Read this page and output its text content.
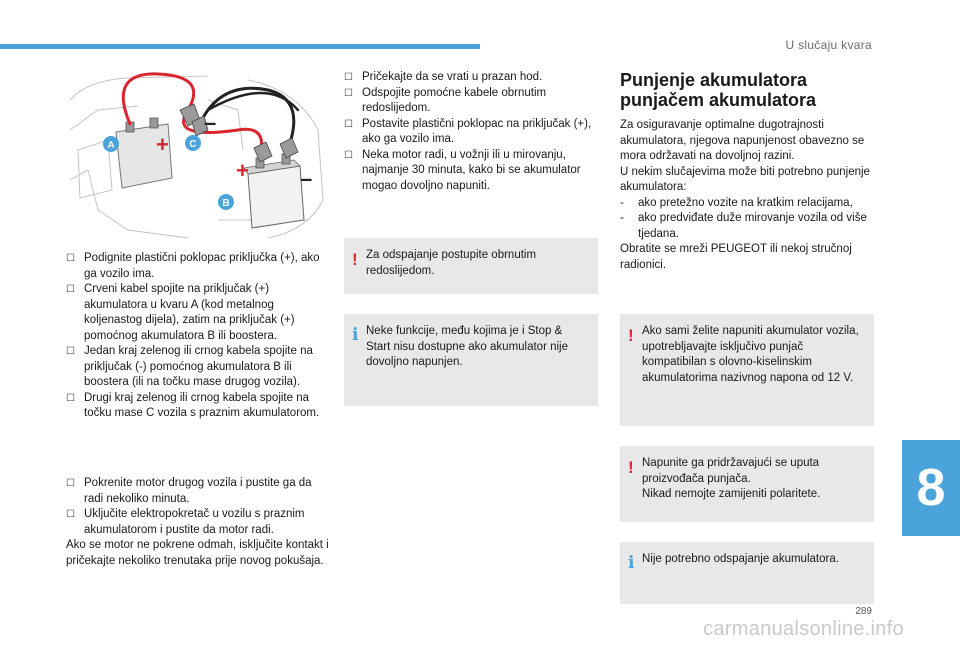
U slučaju kvara
+
+
–
–
A	C
B
☐ Podignite plastični poklopac priključka (+), ako ga vozilo ima.
☐ Crveni kabel spojite na priključak (+) akumulatora u kvaru A (kod metalnog koljenastog dijela), zatim na priključak (+) pomoćnog akumulatora B ili boostera.
☐ Jedan kraj zelenog ili crnog kabela spojite na priključak (-) pomoćnog akumulatora B ili boostera (ili na točku mase drugog vozila).
☐ Drugi kraj zelenog ili crnog kabela spojite na točku mase C vozila s praznim akumulatorom.
☐ Pokrenite motor drugog vozila i pustite ga da radi nekoliko minuta.
☐ Uključite elektropokretač u vozilu s praznim akumulatorom i pustite da motor radi.
Ako se motor ne pokrene odmah, isključite kontakt i pričekajte nekoliko trenutaka prije novog pokušaja.
☐ Pričekajte da se vrati u prazan hod.
☐ Odspojite pomoćne kabele obrnutim redoslijedom.
☐ Postavite plastični poklopac na priključak (+), ako ga vozilo ima.
☐ Neka motor radi, u vožnji ili u mirovanju, najmanje 30 minuta, kako bi se akumulator mogao dovoljno napuniti.
! Za odspajanje postupite obrnutim redoslijedom.
i Neke funkcije, među kojima je i Stop & Start nisu dostupne ako akumulator nije dovoljno napunjen.
Punjenje akumulatora punjačem akumulatora
Za osiguravanje optimalne dugotrajnosti akumulatora, njegova napunjenost obavezno se mora održavati na dovoljnoj razini.
U nekim slučajevima može biti potrebno punjenje akumulatora:
- ako pretežno vozite na kratkim relacijama,
- ako predviđate duže mirovanje vozila od više tjedana.
Obratite se mreži PEUGEOT ili nekoj stručnoj radionici.
! Ako sami želite napuniti akumulator vozila, upotrebljavajte isključivo punjač kompatibilan s olovno-kiselinskim akumulatorima nazivnog napona od 12 V.
! Napunite ga pridržavajući se uputa proizvođača punjača.
Nikad nemojte zamijeniti polaritete.
i Nije potrebno odspajanje akumulatora.
8
289
carmanualsonline.info
